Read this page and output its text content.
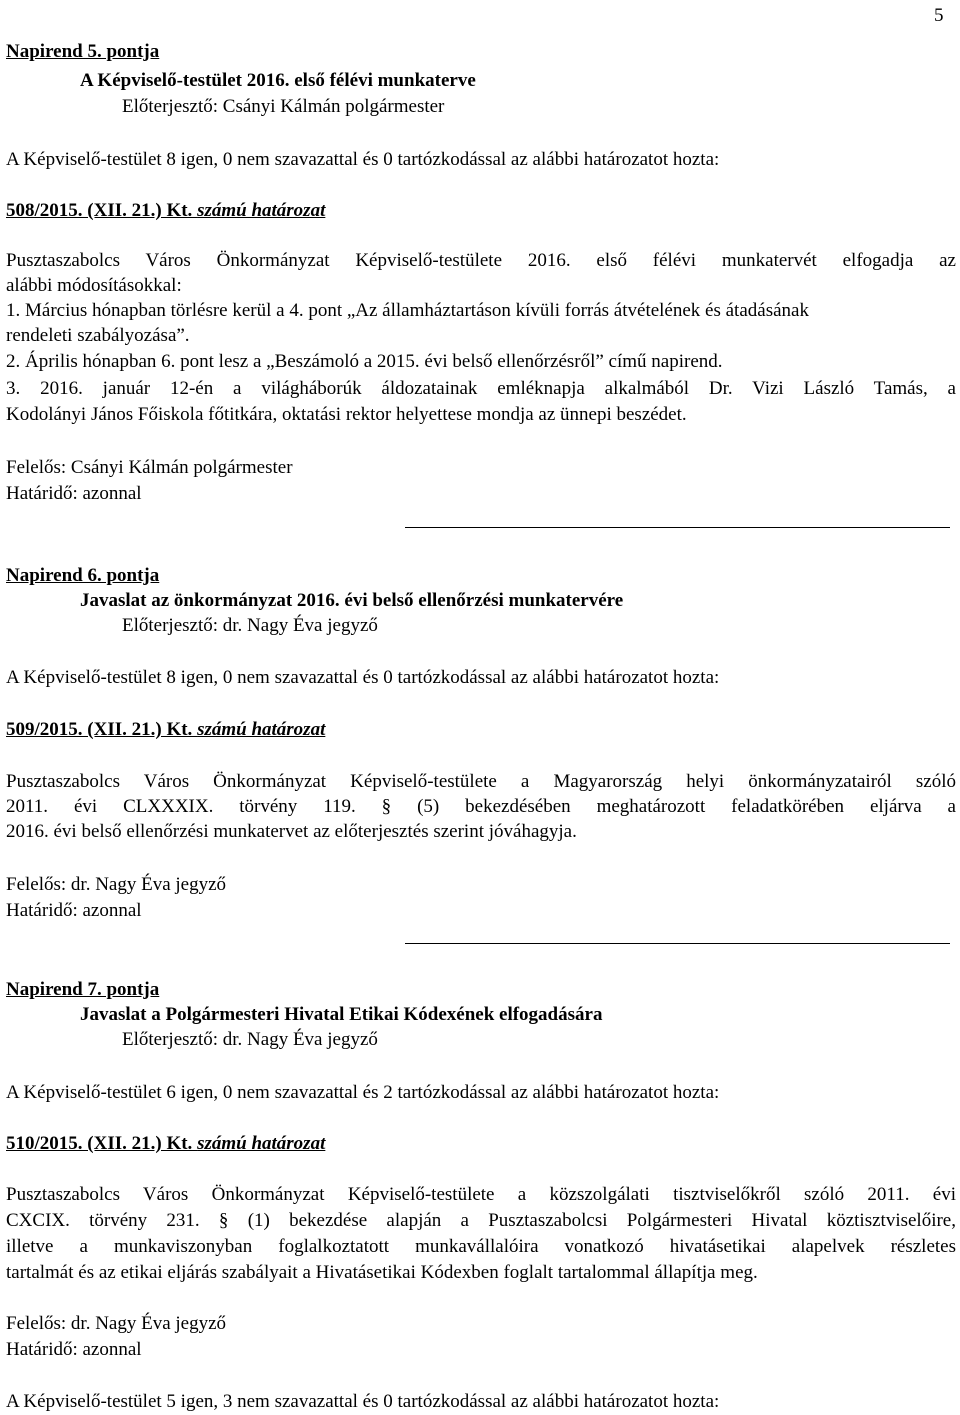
5
Napirend 5. pontja
A Képviselő-testület 2016. első félévi munkaterve
Előterjesztő: Csányi Kálmán polgármester
A Képviselő-testület 8 igen, 0 nem szavazattal és 0 tartózkodással az alábbi határozatot hozta:
508/2015. (XII. 21.) Kt. számú határozat
Pusztaszabolcs Város Önkormányzat Képviselő-testülete 2016. első félévi munkatervét elfogadja az
alábbi módosításokkal:
1. Március hónapban törlésre kerül a 4. pont „Az államháztartáson kívüli forrás átvételének és átadásának
rendeleti szabályozása”.
2. Április hónapban 6. pont lesz a „Beszámoló a 2015. évi belső ellenőrzésről” című napirend.
3. 2016. január 12-én a világháborúk áldozatainak emléknapja alkalmából Dr. Vizi László Tamás, a
Kodolányi János Főiskola főtitkára, oktatási rektor helyettese mondja az ünnepi beszédet.
Felelős: Csányi Kálmán polgármester
Határidő: azonnal
Napirend 6. pontja
Javaslat az önkormányzat 2016. évi belső ellenőrzési munkatervére
Előterjesztő: dr. Nagy Éva jegyző
A Képviselő-testület 8 igen, 0 nem szavazattal és 0 tartózkodással az alábbi határozatot hozta:
509/2015. (XII. 21.) Kt. számú határozat
Pusztaszabolcs Város Önkormányzat Képviselő-testülete a Magyarország helyi önkormányzatairól szóló
2011. évi CLXXXIX. törvény 119. § (5) bekezdésében meghatározott feladatkörében eljárva a
2016. évi belső ellenőrzési munkatervet az előterjesztés szerint jóváhagyja.
Felelős: dr. Nagy Éva jegyző
Határidő: azonnal
Napirend 7. pontja
Javaslat a Polgármesteri Hivatal Etikai Kódexének elfogadására
Előterjesztő: dr. Nagy Éva jegyző
A Képviselő-testület 6 igen, 0 nem szavazattal és 2 tartózkodással az alábbi határozatot hozta:
510/2015. (XII. 21.) Kt. számú határozat
Pusztaszabolcs Város Önkormányzat Képviselő-testülete a közszolgálati tisztviselőkről szóló 2011. évi
CXCIX. törvény 231. § (1) bekezdése alapján a Pusztaszabolcsi Polgármesteri Hivatal köztisztviselőire,
illetve a munkaviszonyban foglalkoztatott munkavállalóira vonatkozó hivatásetikai alapelvek részletes
tartalmát és az etikai eljárás szabályait a Hivatásetikai Kódexben foglalt tartalommal állapítja meg.
Felelős: dr. Nagy Éva jegyző
Határidő: azonnal
A Képviselő-testület 5 igen, 3 nem szavazattal és 0 tartózkodással az alábbi határozatot hozta:
